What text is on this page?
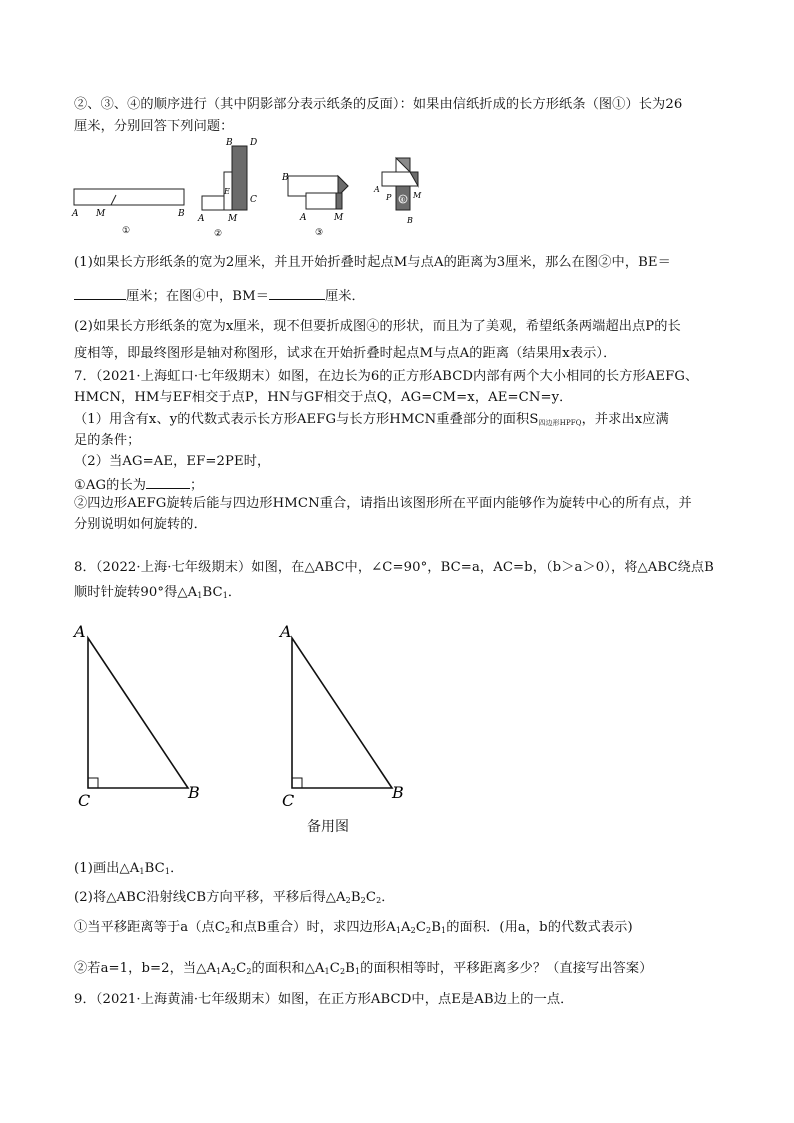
②、③、④的顺序进行（其中阴影部分表示纸条的反面）：如果由信纸折成的长方形纸条（图①）长为26
厘米，分别回答下列问题：
A M	B
①
B D
E
C
A	M
②
B
A	M
③
A
P	M
B
④
(1)如果长方形纸条的宽为2厘米，并且开始折叠时起点M与点A的距离为3厘米，那么在图②中，BE＝
厘米；在图④中，BM＝	厘米．
(2)如果长方形纸条的宽为x厘米，现不但要折成图④的形状，而且为了美观，希望纸条两端超出点P的长
度相等，即最终图形是轴对称图形，试求在开始折叠时起点M与点A的距离（结果用x表示）．
7．（2021·上海虹口·七年级期末）如图，在边长为6的正方形ABCD内部有两个大小相同的长方形AEFG、
HMCN，HM与EF相交于点P，HN与GF相交于点Q，AG=CM=x，AE=CN=y．
（1）用含有x、y的代数式表示长方形AEFG与长方形HMCN重叠部分的面积$S_{四边形HPFQ}$，并求出x应满
足的条件；
（2）当AG=AE，EF=2PE时，
①AG的长为	；
②四边形AEFG旋转后能与四边形HMCN重合，请指出该图形所在平面内能够作为旋转中心的所有点，并
分别说明如何旋转的．
8．（2022·上海·七年级期末）如图，在△ABC中，∠C=90°，BC=a，AC=b，（b＞a＞0），将△ABC绕点B
顺时针旋转90°得$\triangle A_1BC_1$．
A
C	B
A
C	B
备用图
(1)画出$\triangle A_1BC_1$．
(2)将△ABC沿射线CB方向平移，平移后得$\triangle A_2B_2C_2$．
①当平移距离等于a（点$C_2$和点B重合）时，求四边形$A_1A_2C_2B_1$的面积．(用a，b的代数式表示)
②若a=1，b=2，当$\triangle A_1A_2C_2$的面积和$\triangle A_1C_2B_1$的面积相等时，平移距离多少？（直接写出答案）
9．（2021·上海黄浦·七年级期末）如图，在正方形ABCD中，点E是AB边上的一点．
